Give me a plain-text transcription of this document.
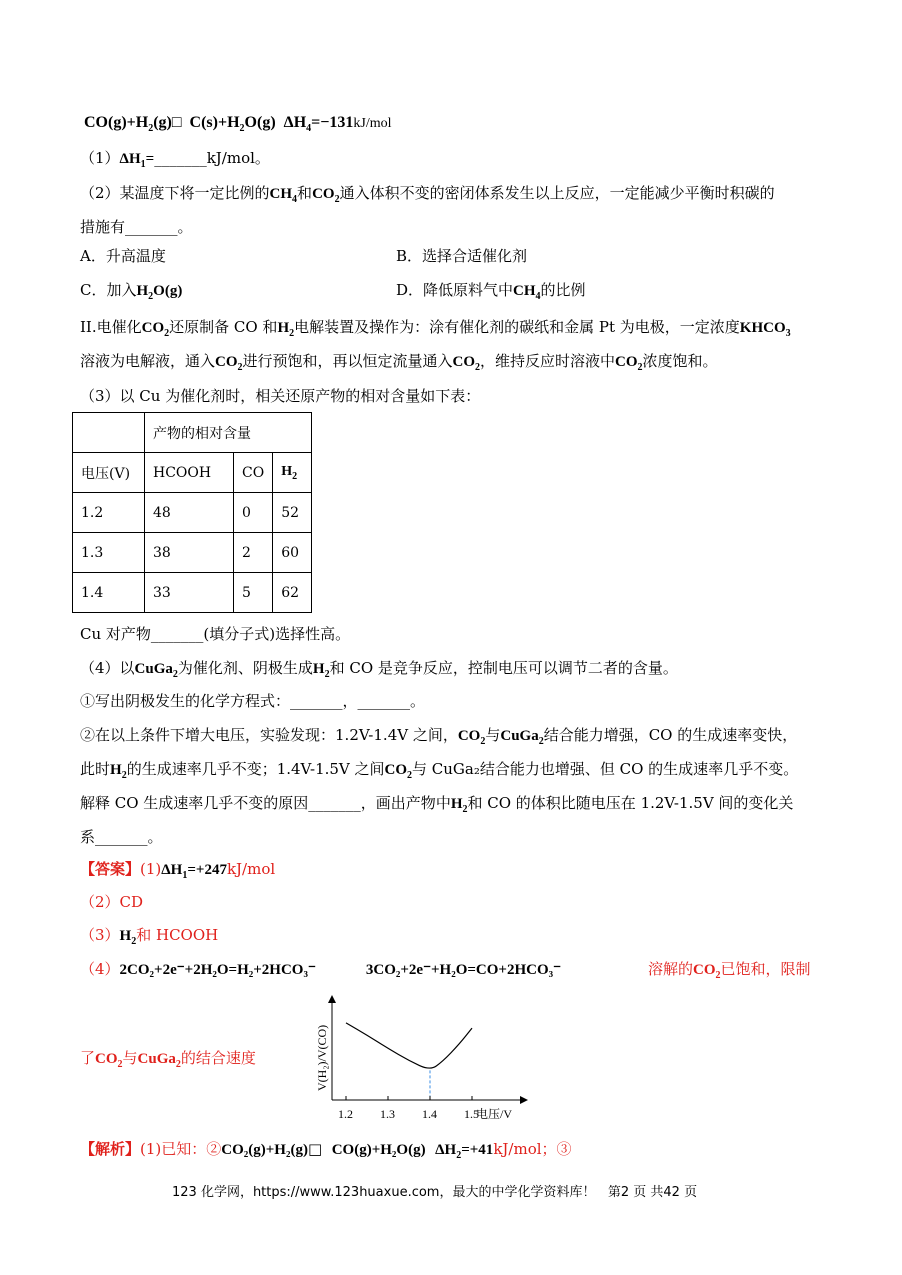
$CO(g)+H_2(g)□$ $C(s)+H_2O(g)$ $\Delta H_4=-131kJ$/mol
$(1)\Delta H_1=\_\_\_\_\_\_\_kJ$/mol。
（2）某温度下将一定比例的$CH_4$和$CO_2$通入体积不变的密闭体系发生以上反应，一定能减少平衡时积碳的
措施有_______。
A．升高温度	B．选择合适催化剂
C．加入$H_2O(g)$	D．降低原料气中$CH_4$的比例
II.电催化$CO_2$还原制备 CO 和$H_2$电解装置及操作为：涂有催化剂的碳纸和金属 Pt 为电极，一定浓度$KHCO_3$
溶液为电解液，通入$CO_2$进行预饱和，再以恒定流量通入$CO_2$，维持反应时溶液中$CO_2$浓度饱和。
（3）以 Cu 为催化剂时，相关还原产物的相对含量如下表：
	产物的相对含量		
电压(V)	HCOOH	CO	$H_2$
1.2	48	0	52
1.3	38	2	60
1.4	33	5	62
Cu 对产物_______(填分子式)选择性高。
（4）以CuGa$_2$为催化剂、阴极生成$H_2$和 CO 是竞争反应，控制电压可以调节二者的含量。
①写出阴极发生的化学方程式：_______，_______。
②在以上条件下增大电压，实验发现：1.2V-1.4V 之间，$CO_2$与CuGa$_2$结合能力增强，CO 的生成速率变快，
此时$H_2$的生成速率几乎不变；1.4V-1.5V 之间$CO_2$与 CuGa₂结合能力也增强、但 CO 的生成速率几乎不变。
解释 CO 生成速率几乎不变的原因_______，画出产物中$H_2$和 CO 的体积比随电压在 1.2V-1.5V 间的变化关
系_______。
【答案】$(1)\Delta H_1=+247kJ$/mol
（2）CD
$(3)H_2$和 HCOOH
（4）2CO₂+2e⁻+2H₂O=H₂+2HCO₃⁻	3CO₂+2e⁻+H₂O=CO+2HCO₃⁻	溶解的$CO_2$已饱和，限制
了$CO_2$与CuGa$_2$的结合速度	V(H₂)/V(CO)
1.2 1.3 1.4 1.5
电压/V
【解析】(1)已知：②CO₂(g)+H₂(g)□ CO(g)+H₂O(g) $\Delta H_2=+41kJ$/mol；③
123 化学网，https://www.123huaxue.com，最大的中学化学资料库！ 第2 页 共42 页
